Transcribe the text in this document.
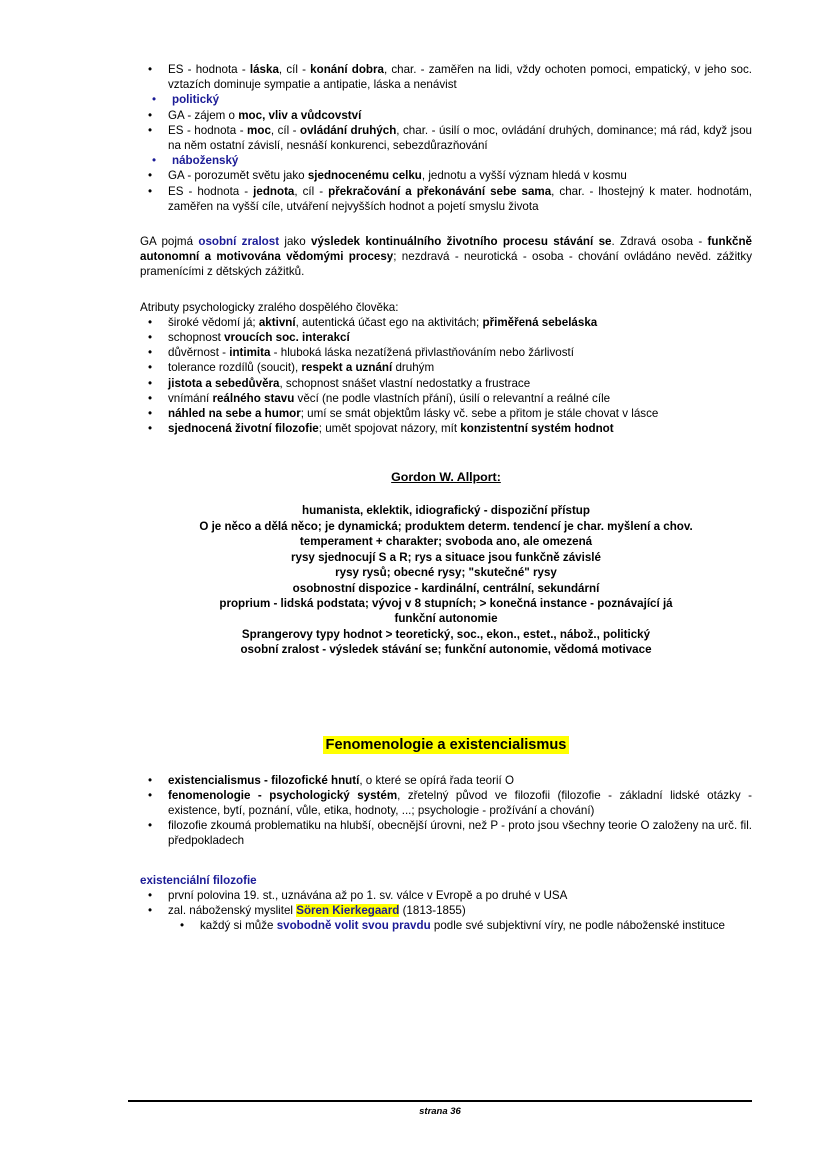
• ES - hodnota - láska, cíl - konání dobra, char. - zaměřen na lidi, vždy ochoten pomoci, empatický, v jeho soc. vztazích dominuje sympatie a antipatie, láska a nenávist
• politický
• GA - zájem o moc, vliv a vůdcovství
• ES - hodnota - moc, cíl - ovládání druhých, char. - úsilí o moc, ovládání druhých, dominance; má rád, když jsou na něm ostatní závislí, nesnáší konkurenci, sebezdůrazňování
• náboženský
• GA - porozumět světu jako sjednocenému celku, jednotu a vyšší význam hledá v kosmu
• ES - hodnota - jednota, cíl - překračování a překonávání sebe sama, char. - lhostejný k mater. hodnotám, zaměřen na vyšší cíle, utváření nejvyšších hodnot a pojetí smyslu života

GA pojmá osobní zralost jako výsledek kontinuálního životního procesu stávání se. Zdravá osoba - funkčně autonomní a motivována vědomými procesy; nezdravá - neurotická - osoba - chování ovládáno nevěd. zážitky pramenícími z dětských zážitků.

Atributy psychologicky zralého dospělého člověka:

• široké vědomí já; aktivní, autentická účast ego na aktivitách; přiměřená sebeláska
• schopnost vroucích soc. interakcí
• důvěrnost - intimita - hluboká láska nezatížená přivlastňováním nebo žárlivostí
• tolerance rozdílů (soucit), respekt a uznání druhým
• jistota a sebedůvěra, schopnost snášet vlastní nedostatky a frustrace
• vnímání reálného stavu věcí (ne podle vlastních přání), úsilí o relevantní a reálné cíle
• náhled na sebe a humor; umí se smát objektům lásky vč. sebe a přitom je stále chovat v lásce
• sjednocená životní filozofie; umět spojovat názory, mít konzistentní systém hodnot

Gordon W. Allport:

humanista, eklektik, idiografický - dispoziční přístup

O je něco a dělá něco; je dynamická; produktem determ. tendencí je char. myšlení a chov.

temperament + charakter; svoboda ano, ale omezená

rysy sjednocují S a R; rys a situace jsou funkčně závislé

rysy rysů; obecné rysy; "skutečné" rysy

osobnostní dispozice - kardinální, centrální, sekundární

proprium - lidská podstata; vývoj v 8 stupních; > konečná instance - poznávající já

funkční autonomie

Sprangerovy typy hodnot > teoretický, soc., ekon., estet., nábož., politický

osobní zralost - výsledek stávání se; funkční autonomie, vědomá motivace

Fenomenologie a existencialismus

• existencialismus - filozofické hnutí, o které se opírá řada teorií O
• fenomenologie - psychologický systém, zřetelný původ ve filozofii (filozofie - základní lidské otázky - existence, bytí, poznání, vůle, etika, hodnoty, ...; psychologie - prožívání a chování)
• filozofie zkoumá problematiku na hlubší, obecnější úrovni, než P - proto jsou všechny teorie O založeny na urč. fil. předpokladech

existenciální filozofie

• první polovina 19. st., uznávána až po 1. sv. válce v Evropě a po druhé v USA
• zal. náboženský myslitel Sören Kierkegaard (1813-1855)
• každý si může svobodně volit svou pravdu podle své subjektivní víry, ne podle náboženské instituce
strana 36
